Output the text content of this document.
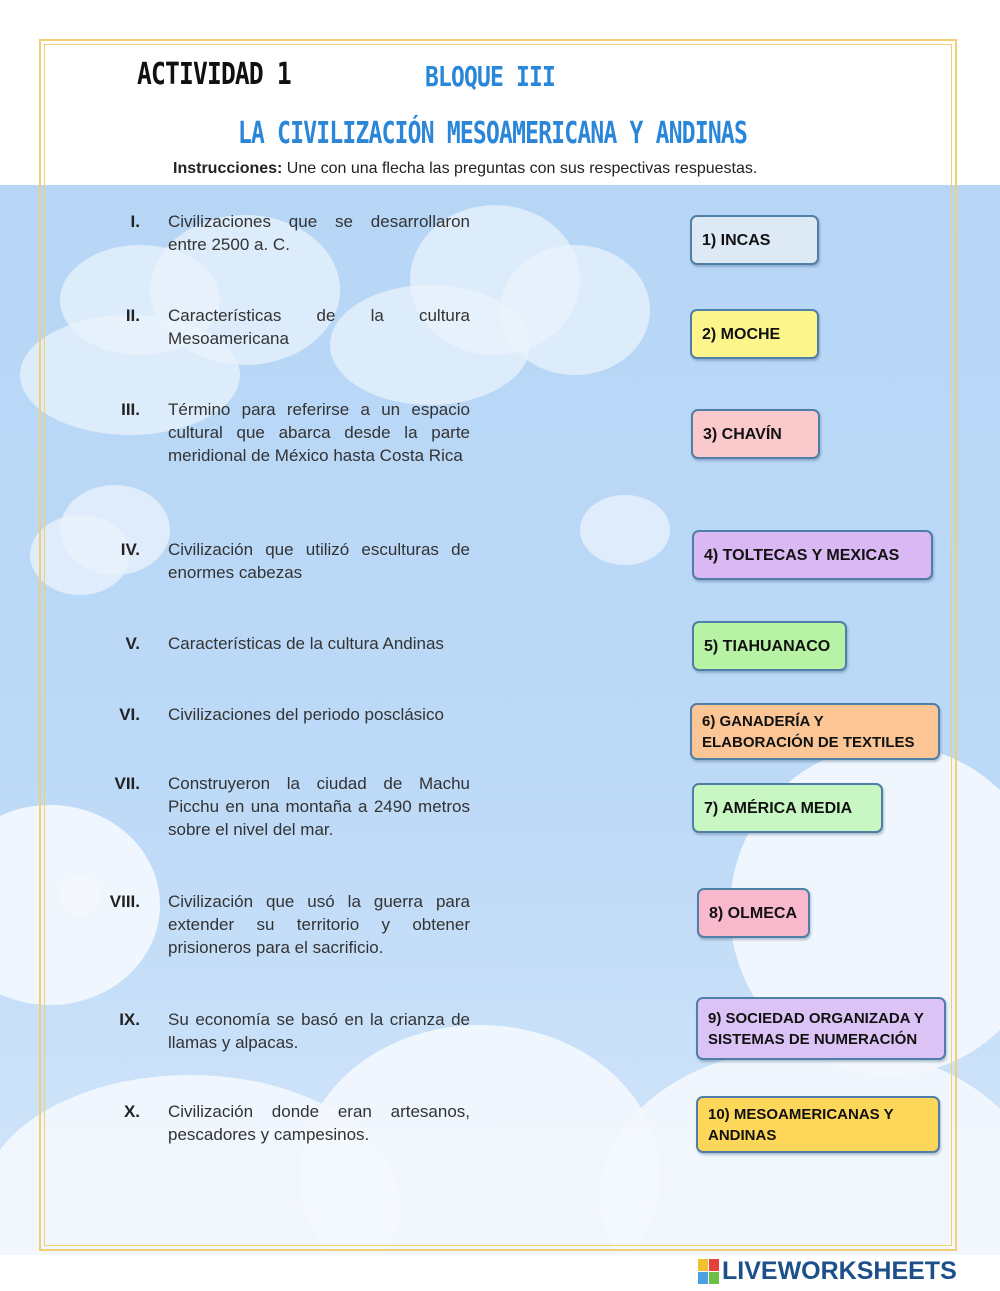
ACTIVIDAD 1	BLOQUE III
LA CIVILIZACIÓN MESOAMERICANA Y ANDINAS
Instrucciones: Une con una flecha las preguntas con sus respectivas respuestas.
I. Civilizaciones que se desarrollaron entre 2500 a. C.
II. Características de la cultura Mesoamericana
III. Término para referirse a un espacio cultural que abarca desde la parte meridional de México hasta Costa Rica
IV. Civilización que utilizó esculturas de enormes cabezas
V. Características de la cultura Andinas
VI. Civilizaciones del periodo posclásico
VII. Construyeron la ciudad de Machu Picchu en una montaña a 2490 metros sobre el nivel del mar.
VIII. Civilización que usó la guerra para extender su territorio y obtener prisioneros para el sacrificio.
IX. Su economía se basó en la crianza de llamas y alpacas.
X. Civilización donde eran artesanos, pescadores y campesinos.
1) INCAS
2) MOCHE
3) CHAVÍN
4) TOLTECAS Y MEXICAS
5) TIAHUANACO
6) GANADERÍA Y ELABORACIÓN DE TEXTILES
7) AMÉRICA MEDIA
8) OLMECA
9) SOCIEDAD ORGANIZADA Y SISTEMAS DE NUMERACIÓN
10) MESOAMERICANAS Y ANDINAS
LIVEWORKSHEETS
